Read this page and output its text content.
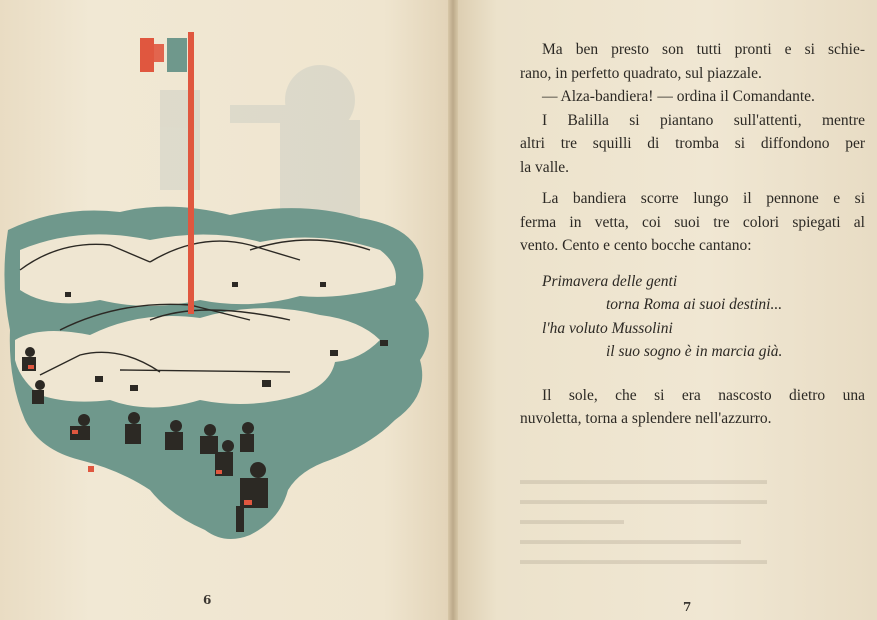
6
▬▬▬▬▬▬▬▬▬▬▬▬▬▬▬▬▬▬▬
▬▬▬▬▬▬▬▬▬▬▬▬▬▬▬▬▬▬▬
▬▬▬▬▬▬▬▬
▬▬▬▬▬▬▬▬▬▬▬▬▬▬▬▬▬
▬▬▬▬▬▬▬▬▬▬▬▬▬▬▬▬▬▬▬

Ma ben presto son tutti pronti e si schie-

rano, in perfetto quadrato, sul piazzale.

— Alza-bandiera! — ordina il Comandante.

I Balilla si piantano sull'attenti, mentre

altri tre squilli di tromba si diffondono per

la valle.

La bandiera scorre lungo il pennone e si

ferma in vetta, coi suoi tre colori spiegati al

vento. Cento e cento bocche cantano:

Primavera delle genti
torna Roma ai suoi destini...
l'ha voluto Mussolini
il suo sogno è in marcia già.

Il sole, che si era nascosto dietro una

nuvoletta, torna a splendere nell'azzurro.

7
